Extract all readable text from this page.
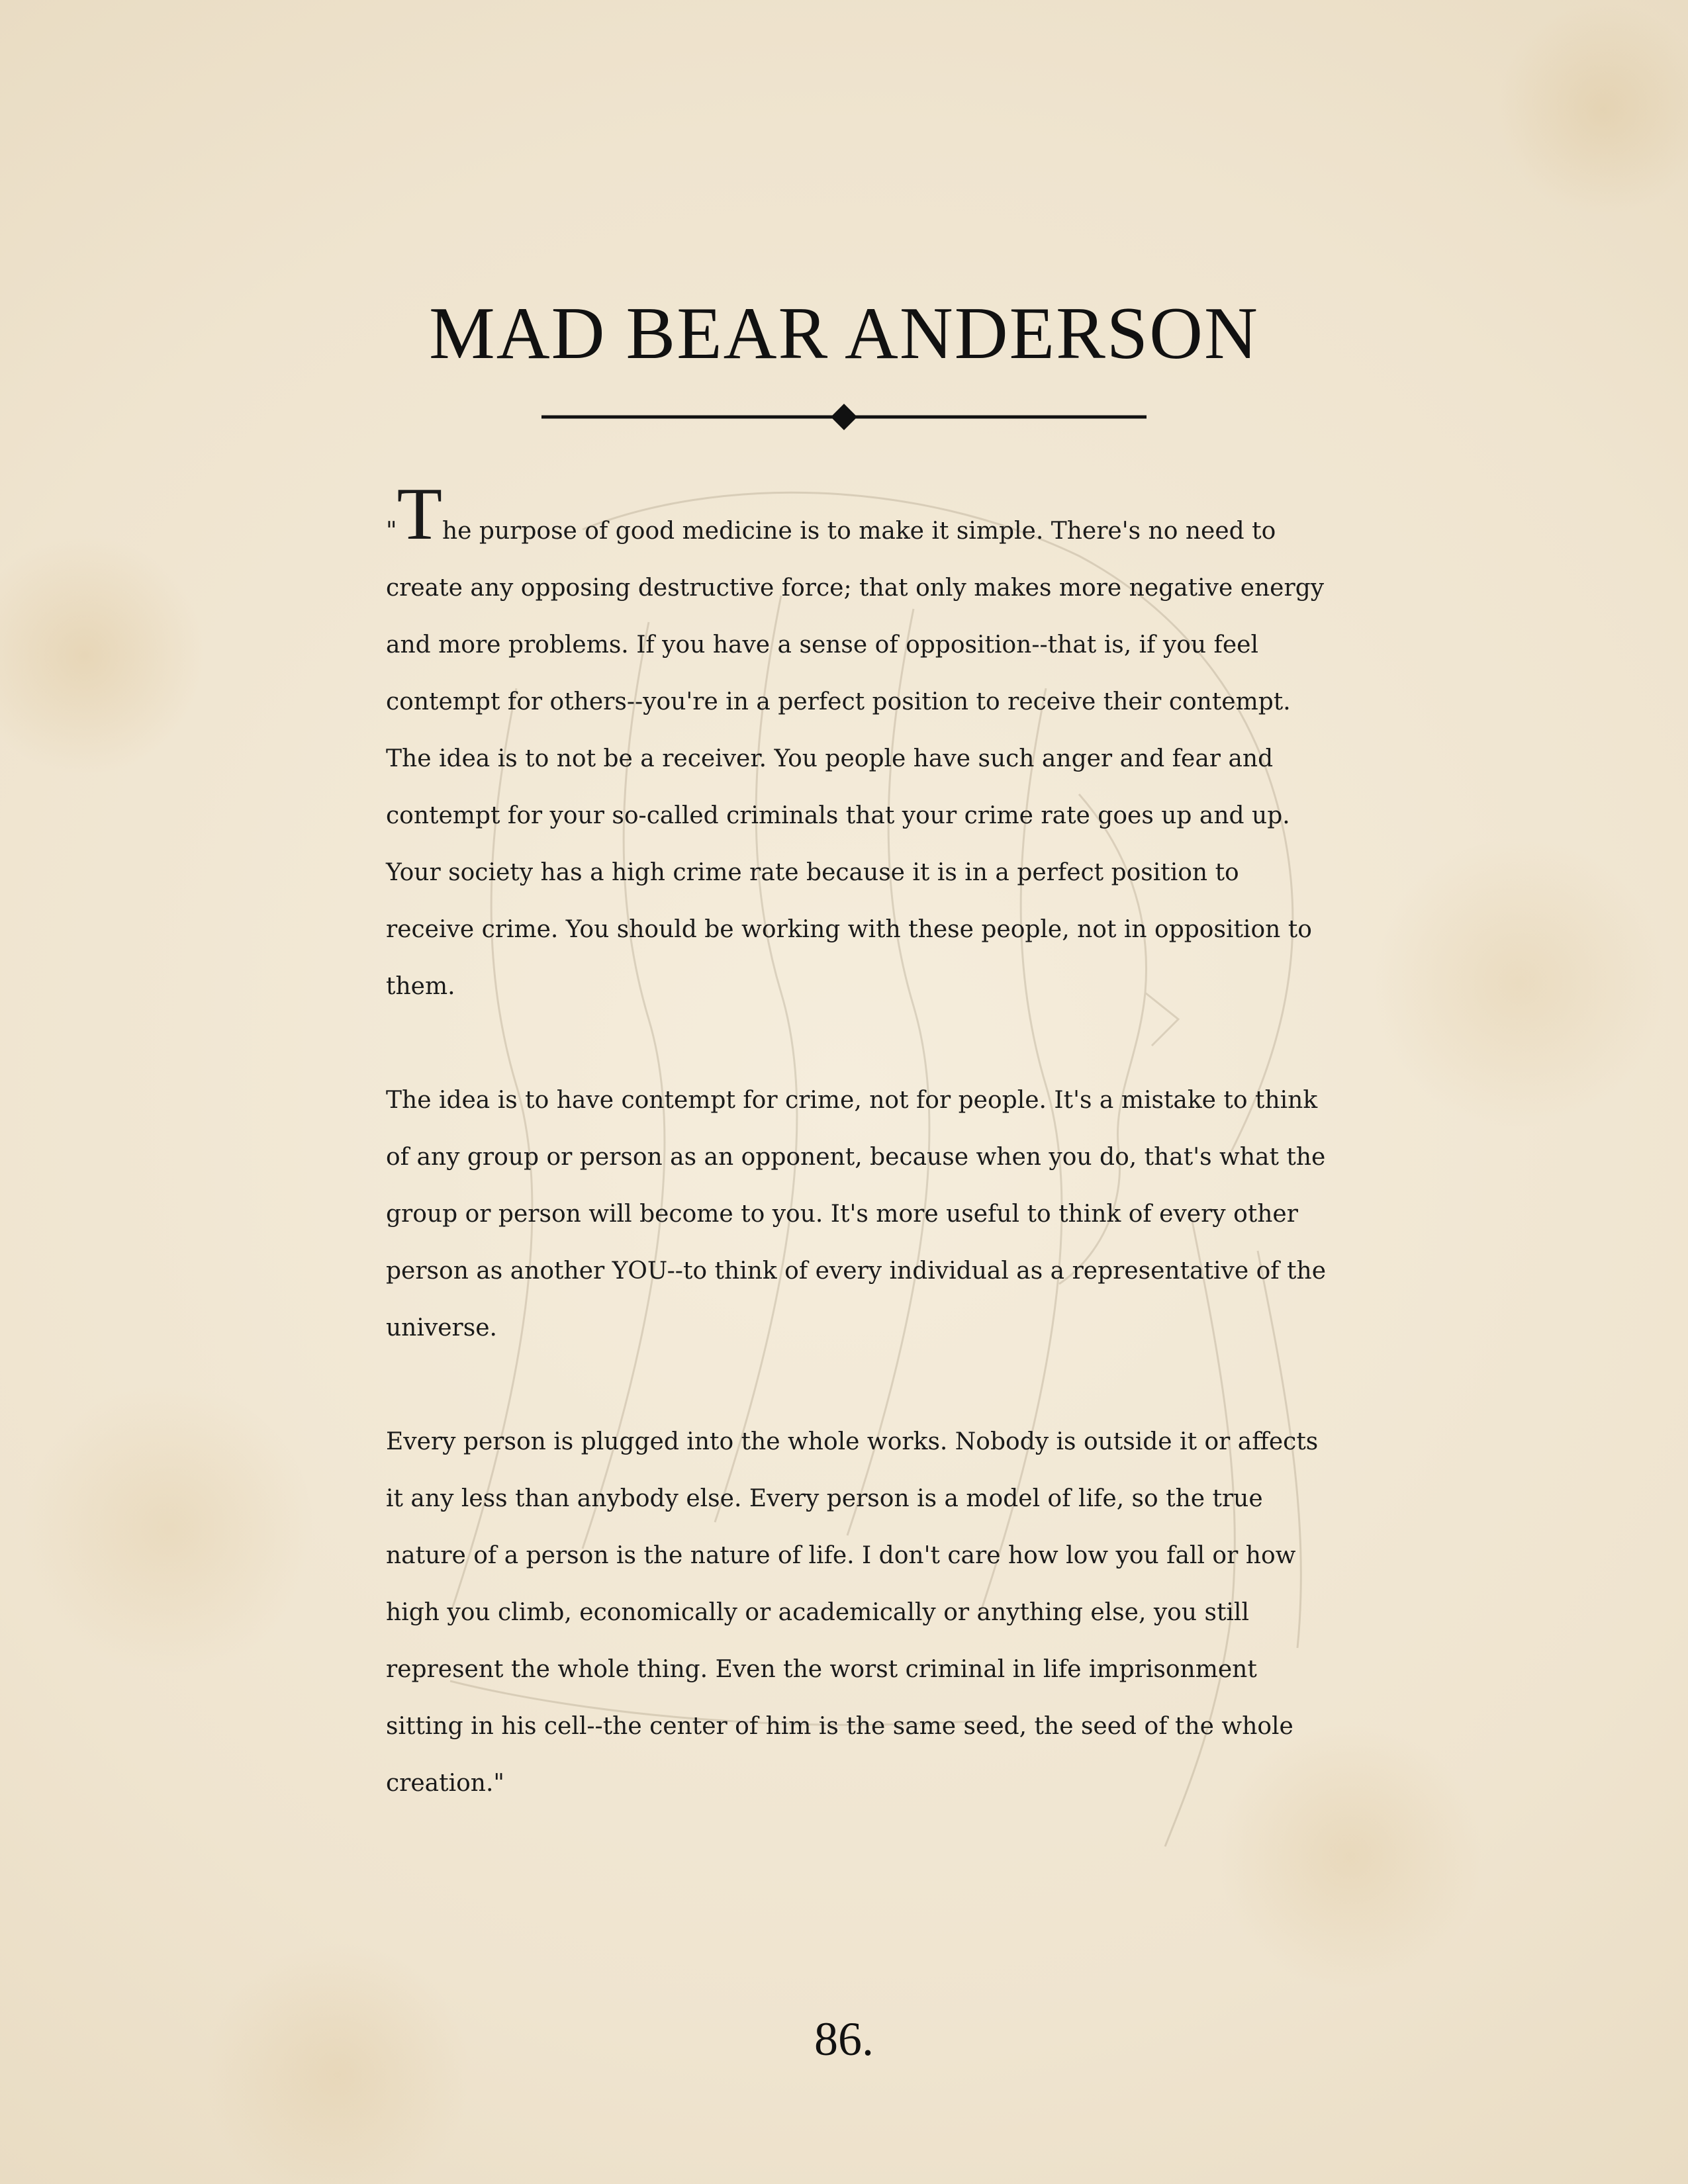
MAD BEAR ANDERSON

"The purpose of good medicine is to make it simple. There's no need to create any opposing destructive force; that only makes more negative energy and more problems. If you have a sense of opposition--that is, if you feel contempt for others--you're in a perfect position to receive their contempt. The idea is to not be a receiver. You people have such anger and fear and contempt for your so-called criminals that your crime rate goes up and up. Your society has a high crime rate because it is in a perfect position to receive crime. You should be working with these people, not in opposition to them.

The idea is to have contempt for crime, not for people. It's a mistake to think of any group or person as an opponent, because when you do, that's what the group or person will become to you. It's more useful to think of every other person as another YOU--to think of every individual as a representative of the universe.

Every person is plugged into the whole works. Nobody is outside it or affects it any less than anybody else. Every person is a model of life, so the true nature of a person is the nature of life. I don't care how low you fall or how high you climb, economically or academically or anything else, you still represent the whole thing. Even the worst criminal in life imprisonment sitting in his cell--the center of him is the same seed, the seed of the whole creation."

86.
